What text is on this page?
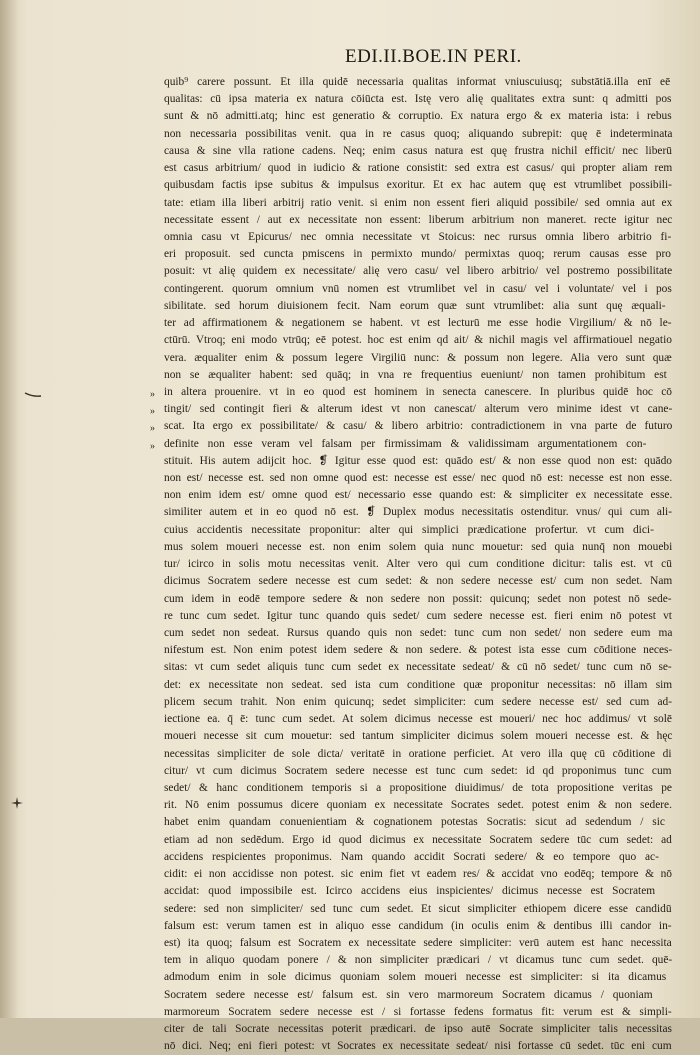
EDI.II.BOE.IN PERI.
»
»
»
»
quib⁹ carere possunt. Et illa quidē necessaria qualitas informat vniuscuiusq; substātiā.illa enī eē
qualitas: cū ipsa materia ex natura cōiūcta est. Istę vero alię qualitates extra sunt: q admitti pos
sunt & nō admitti.atq; hinc est generatio & corruptio. Ex natura ergo & ex materia ista: i rebus
non necessaria possibilitas venit. qua in re casus quoq; aliquando subrepit: quę ē indeterminata
causa & sine vlla ratione cadens. Neq; enim casus natura est quę frustra nichil efficit/ nec liberū
est casus arbitrium/ quod in iudicio & ratione consistit: sed extra est casus/ qui propter aliam rem
quibusdam factis ipse subitus & impulsus exoritur. Et ex hac autem quę est vtrumlibet possibili-
tate: etiam illa liberi arbitrij ratio venit. si enim non essent fieri aliquid possibile/ sed omnia aut ex
necessitate essent / aut ex necessitate non essent: liberum arbitrium non maneret. recte igitur nec
omnia casu vt Epicurus/ nec omnia necessitate vt Stoicus: nec rursus omnia libero arbitrio fi-
eri proposuit. sed cuncta pmiscens in permixto mundo/ permixtas quoq; rerum causas esse pro
posuit: vt alię quidem ex necessitate/ alię vero casu/ vel libero arbitrio/ vel postremo possibilitate
contingerent. quorum omnium vnū nomen est vtrumlibet vel in casu/ vel i voluntate/ vel i pos
sibilitate. sed horum diuisionem fecit. Nam eorum quæ sunt vtrumlibet: alia sunt quę æquali-
ter ad affirmationem & negationem se habent. vt est lecturū me esse hodie Virgilium/ & nō le-
ctūrū. Vtroq; eni modo vtrūq; eē potest. hoc est enim qd ait/ & nichil magis vel affirmatiouel negatio
vera. æqualiter enim & possum legere Virgiliū nunc: & possum non legere. Alia vero sunt quæ
non se æqualiter habent: sed quāq; in vna re frequentius eueniunt/ non tamen prohibitum est
in altera prouenire. vt in eo quod est hominem in senecta canescere. In pluribus quidē hoc cō
tingit/ sed contingit fieri & alterum idest vt non canescat/ alterum vero minime idest vt cane-
scat. Ita ergo ex possibilitate/ & casu/ & libero arbitrio: contradictionem in vna parte de futuro
definite non esse veram vel falsam per firmissimam & validissimam argumentationem con-
stituit. His autem adijcit hoc. ❡ Igitur esse quod est: quādo est/ & non esse quod non est: quādo
non est/ necesse est. sed non omne quod est: necesse est esse/ nec quod nō est: necesse est non esse.
non enim idem est/ omne quod est/ necessario esse quando est: & simpliciter ex necessitate esse.
similiter autem et in eo quod nō est. ❡ Duplex modus necessitatis ostenditur. vnus/ qui cum ali-
cuius accidentis necessitate proponitur: alter qui simplici prædicatione profertur. vt cum dici-
mus solem moueri necesse est. non enim solem quia nunc mouetur: sed quia nunq̄ non mouebi
tur/ icirco in solis motu necessitas venit. Alter vero qui cum conditione dicitur: talis est. vt cū
dicimus Socratem sedere necesse est cum sedet: & non sedere necesse est/ cum non sedet. Nam
cum idem in eodē tempore sedere & non sedere non possit: quicunq; sedet non potest nō sede-
re tunc cum sedet. Igitur tunc quando quis sedet/ cum sedere necesse est. fieri enim nō potest vt
cum sedet non sedeat. Rursus quando quis non sedet: tunc cum non sedet/ non sedere eum ma
nifestum est. Non enim potest idem sedere & non sedere. & potest ista esse cum cōditione neces-
sitas: vt cum sedet aliquis tunc cum sedet ex necessitate sedeat/ & cū nō sedet/ tunc cum nō se-
det: ex necessitate non sedeat. sed ista cum conditione quæ proponitur necessitas: nō illam sim
plicem secum trahit. Non enim quicunq; sedet simpliciter: cum sedere necesse est/ sed cum ad-
iectione ea. q̄ ē: tunc cum sedet. At solem dicimus necesse est moueri/ nec hoc addimus/ vt solē
moueri necesse sit cum mouetur: sed tantum simpliciter dicimus solem moueri necesse est. & hęc
necessitas simpliciter de sole dicta/ veritatē in oratione perficiet. At vero illa quę cū cōditione di
citur/ vt cum dicimus Socratem sedere necesse est tunc cum sedet: id qd proponimus tunc cum
sedet/ & hanc conditionem temporis si a propositione diuidimus/ de tota propositione veritas pe
rit. Nō enim possumus dicere quoniam ex necessitate Socrates sedet. potest enim & non sedere.
habet enim quandam conuenientiam & cognationem potestas Socratis: sicut ad sedendum / sic
etiam ad non sedēdum. Ergo id quod dicimus ex necessitate Socratem sedere tūc cum sedet: ad
accidens respicientes proponimus. Nam quando accidit Socrati sedere/ & eo tempore quo ac-
cidit: ei non accidisse non potest. sic enim fiet vt eadem res/ & accidat vno eodēq; tempore & nō
accidat: quod impossibile est. Icirco accidens eius inspicientes/ dicimus necesse est Socratem
sedere: sed non simpliciter/ sed tunc cum sedet. Et sicut simpliciter ethiopem dicere esse candidū
falsum est: verum tamen est in aliquo esse candidum (in oculis enim & dentibus illi candor in-
est) ita quoq; falsum est Socratem ex necessitate sedere simpliciter: verū autem est hanc necessita
tem in aliquo quodam ponere / & non simpliciter prædicari / vt dicamus tunc cum sedet. quē-
admodum enim in sole dicimus quoniam solem moueri necesse est simpliciter: si ita dicamus
Socratem sedere necesse est/ falsum est. sin vero marmoreum Socratem dicamus / quoniam
marmoreum Socratem sedere necesse est / si fortasse fedens formatus fit: verum est & simpli-
citer de tali Socrate necessitas poterit prædicari. de ipso autē Socrate simpliciter talis necessitas
nō dici. Neq; eni fieri potest: vt Socrates ex necessitate sedeat/ nisi fortasse cū sedet. tūc eni cum
